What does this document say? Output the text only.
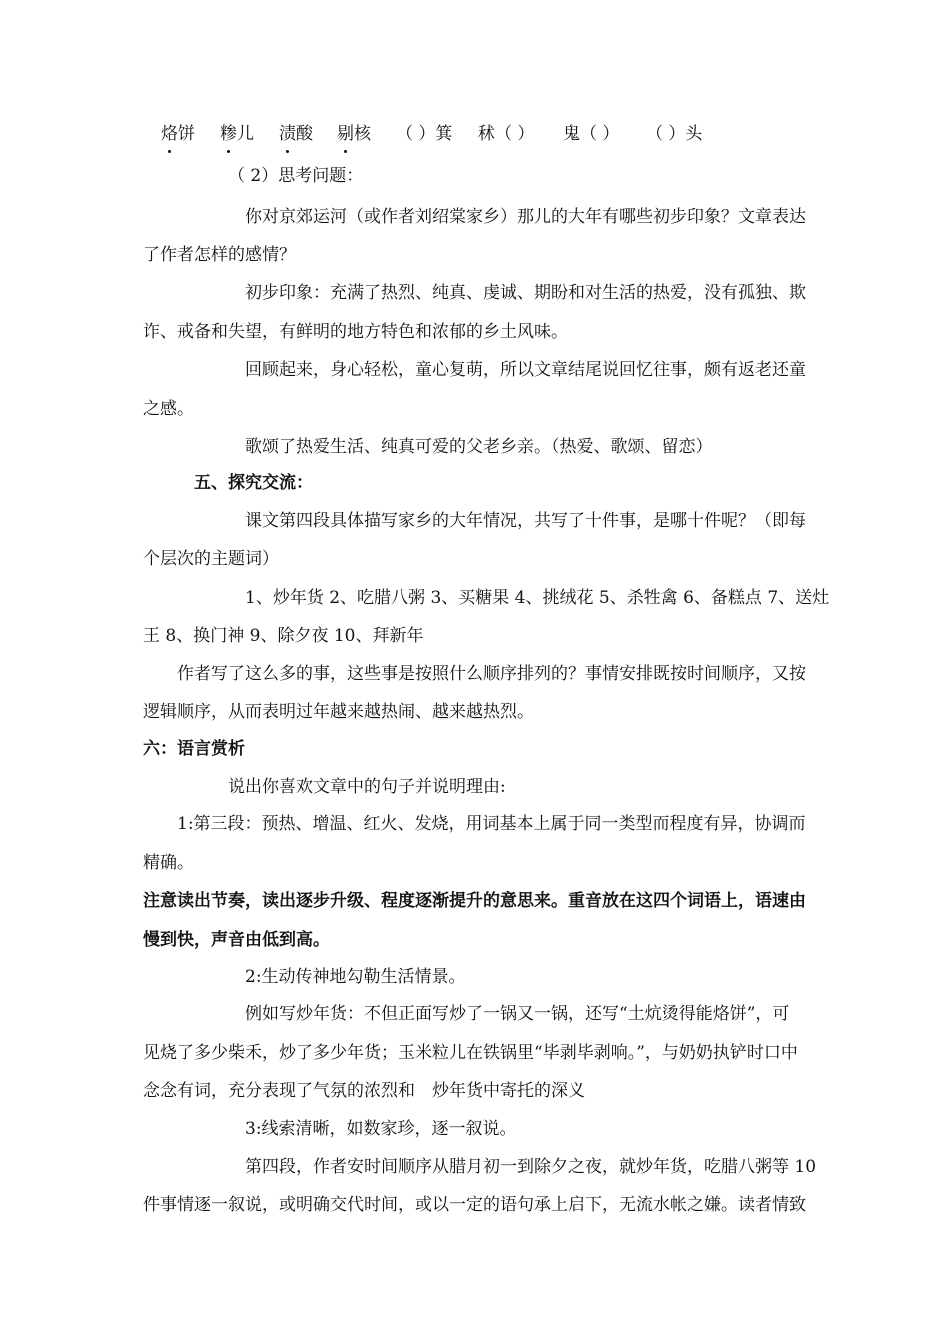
烙饼 糁儿 渍酸 剔核 （ ）箕 秫（ ） 鬼（ ） （ ）头
（ 2）思考问题：
你对京郊运河（或作者刘绍棠家乡）那儿的大年有哪些初步印象？文章表达
了作者怎样的感情？
初步印象：充满了热烈、纯真、虔诚、期盼和对生活的热爱，没有孤独、欺
诈、戒备和失望，有鲜明的地方特色和浓郁的乡土风味。
回顾起来，身心轻松，童心复萌，所以文章结尾说回忆往事，颇有返老还童
之感。
歌颂了热爱生活、纯真可爱的父老乡亲。（热爱、歌颂、留恋）
五、探究交流：
课文第四段具体描写家乡的大年情况，共写了十件事，是哪十件呢？（即每
个层次的主题词）
1、炒年货 2、吃腊八粥 3、买糖果 4、挑绒花 5、杀牲禽 6、备糕点 7、送灶
王 8、换门神 9、除夕夜 10、拜新年
作者写了这么多的事，这些事是按照什么顺序排列的？事情安排既按时间顺序，又按
逻辑顺序，从而表明过年越来越热闹、越来越热烈。
六：语言赏析
说出你喜欢文章中的句子并说明理由:
1:第三段：预热、增温、红火、发烧，用词基本上属于同一类型而程度有异，协调而
精确。
注意读出节奏，读出逐步升级、程度逐渐提升的意思来。重音放在这四个词语上，语速由
慢到快，声音由低到高。
2:生动传神地勾勒生活情景。
例如写炒年货：不但正面写炒了一锅又一锅，还写“土炕烫得能烙饼”，可
见烧了多少柴禾，炒了多少年货；玉米粒儿在铁锅里“毕剥毕剥响。”，与奶奶执铲时口中
念念有词，充分表现了气氛的浓烈和　炒年货中寄托的深义
3:线索清晰，如数家珍，逐一叙说。
第四段，作者安时间顺序从腊月初一到除夕之夜，就炒年货，吃腊八粥等 10
件事情逐一叙说，或明确交代时间，或以一定的语句承上启下，无流水帐之嫌。读者情致
